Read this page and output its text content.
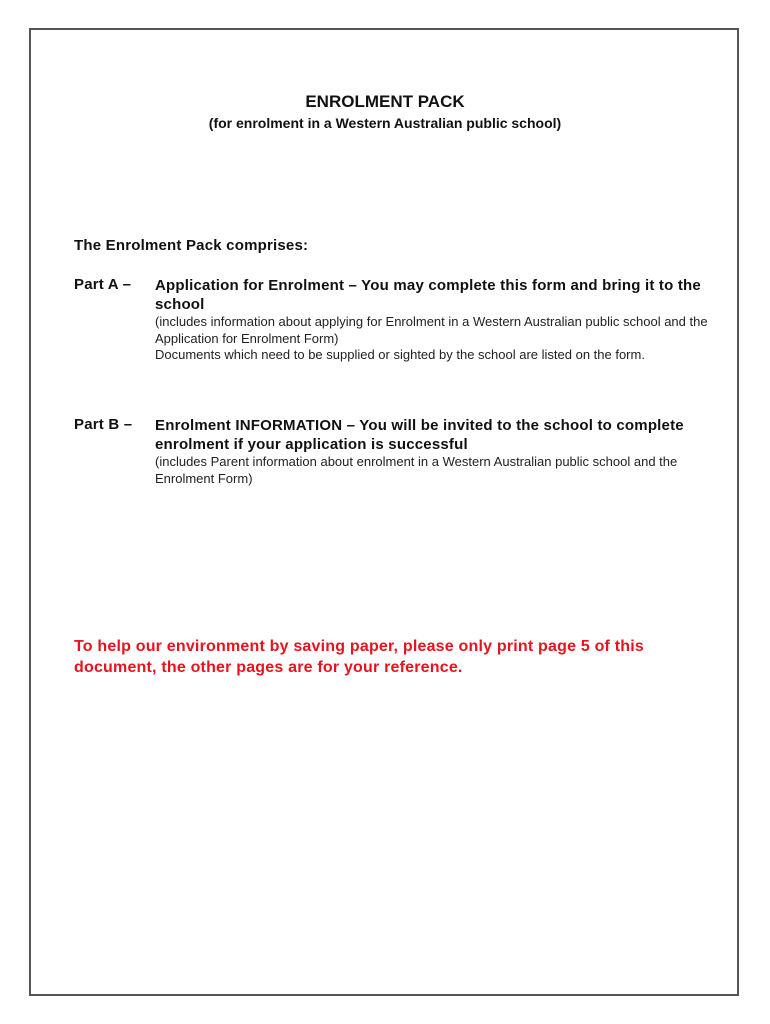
ENROLMENT PACK
(for enrolment in a Western Australian public school)
The Enrolment Pack comprises:
Part A – Application for Enrolment – You may complete this form and bring it to the school

(includes information about applying for Enrolment in a Western Australian public school and the Application for Enrolment Form)

Documents which need to be supplied or sighted by the school are listed on the form.

Part B – Enrolment INFORMATION – You will be invited to the school to complete enrolment if your application is successful

(includes Parent information about enrolment in a Western Australian public school and the Enrolment Form)

To help our environment by saving paper, please only print page 5 of this document, the other pages are for your reference.
